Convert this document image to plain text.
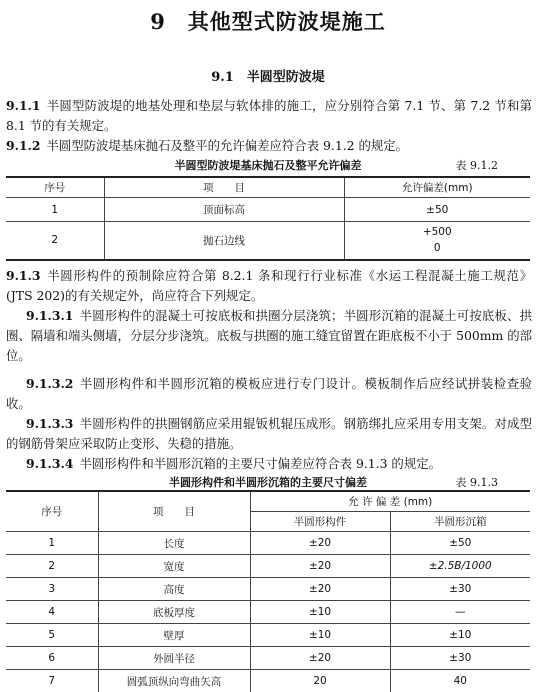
9　其他型式防波堤施工
9.1　半圆型防波堤

9.1.1 半圆型防波堤的地基处理和垫层与软体排的施工，应分别符合第 7.1 节、第 7.2 节和第 8.1 节的有关规定。

9.1.2 半圆型防波堤基床抛石及整平的允许偏差应符合表 9.1.2 的规定。

半圆型防波堤基床抛石及整平允许偏差	表 9.1.2
序号	项　　目	允许偏差(mm)
1	顶面标高	±50
2	抛石边线	+500
0

9.1.3 半圆形构件的预制除应符合第 8.2.1 条和现行行业标准《水运工程混凝土施工规范》(JTS 202)的有关规定外，尚应符合下列规定。

9.1.3.1 半圆形构件的混凝土可按底板和拱圈分层浇筑；半圆形沉箱的混凝土可按底板、拱圈、隔墙和端头侧墙，分层分步浇筑。底板与拱圈的施工缝宜留置在距底板不小于 500mm 的部位。

9.1.3.2 半圆形构件和半圆形沉箱的模板应进行专门设计。模板制作后应经试拼装检查验收。

9.1.3.3 半圆形构件的拱圈钢筋应采用辊钣机辊压成形。钢筋绑扎应采用专用支架。对成型的钢筋骨架应采取防止变形、失稳的措施。

9.1.3.4 半圆形构件和半圆形沉箱的主要尺寸偏差应符合表 9.1.3 的规定。

半圆形构件和半圆形沉箱的主要尺寸偏差	表 9.1.3
序号	项　　目	允 许 偏 差 (mm)	
		半圆形构件	半圆形沉箱
1	长度	±20	±50
2	宽度	±20	±2.5B/1000
3	高度	±20	±30
4	底板厚度	±10	—
5	壁厚	±10	±10
6	外圆半径	±20	±30
7	圆弧顶纵向弯曲矢高	20	40
